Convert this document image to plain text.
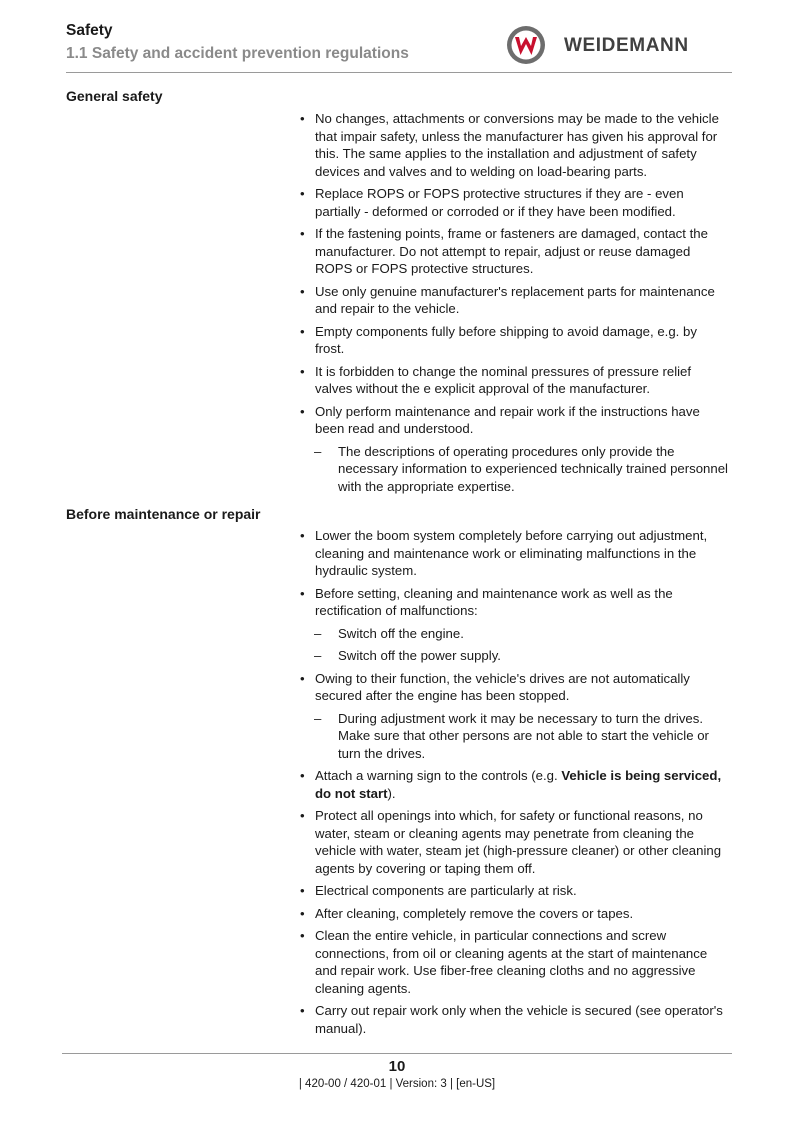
Safety
1.1 Safety and accident prevention regulations	WEIDEMANN
General safety
• No changes, attachments or conversions may be made to the vehicle that impair safety, unless the manufacturer has given his approval for this. The same applies to the installation and adjustment of safety devices and valves and to welding on load-bearing parts.

• Replace ROPS or FOPS protective structures if they are - even partially - deformed or corroded or if they have been modified.

• If the fastening points, frame or fasteners are damaged, contact the manufacturer. Do not attempt to repair, adjust or reuse damaged ROPS or FOPS protective structures.

• Use only genuine manufacturer's replacement parts for maintenance and repair to the vehicle.

• Empty components fully before shipping to avoid damage, e.g. by frost.

• It is forbidden to change the nominal pressures of pressure relief valves without the e explicit approval of the manufacturer.

• Only perform maintenance and repair work if the instructions have been read and understood.

– The descriptions of operating procedures only provide the necessary information to experienced technically trained personnel with the appropriate expertise.

Before maintenance or repair
• Lower the boom system completely before carrying out adjustment, cleaning and maintenance work or eliminating malfunctions in the hydraulic system.

• Before setting, cleaning and maintenance work as well as the rectification of malfunctions:

– Switch off the engine.

– Switch off the power supply.

• Owing to their function, the vehicle's drives are not automatically secured after the engine has been stopped.

– During adjustment work it may be necessary to turn the drives. Make sure that other persons are not able to start the vehicle or turn the drives.

• Attach a warning sign to the controls (e.g. Vehicle is being serviced, do not start).

• Protect all openings into which, for safety or functional reasons, no water, steam or cleaning agents may penetrate from cleaning the vehicle with water, steam jet (high-pressure cleaner) or other cleaning agents by covering or taping them off.

• Electrical components are particularly at risk.

• After cleaning, completely remove the covers or tapes.

• Clean the entire vehicle, in particular connections and screw connections, from oil or cleaning agents at the start of maintenance and repair work. Use fiber-free cleaning cloths and no aggressive cleaning agents.

• Carry out repair work only when the vehicle is secured (see operator's manual).

10
| 420-00 / 420-01 | Version: 3 | [en-US]
